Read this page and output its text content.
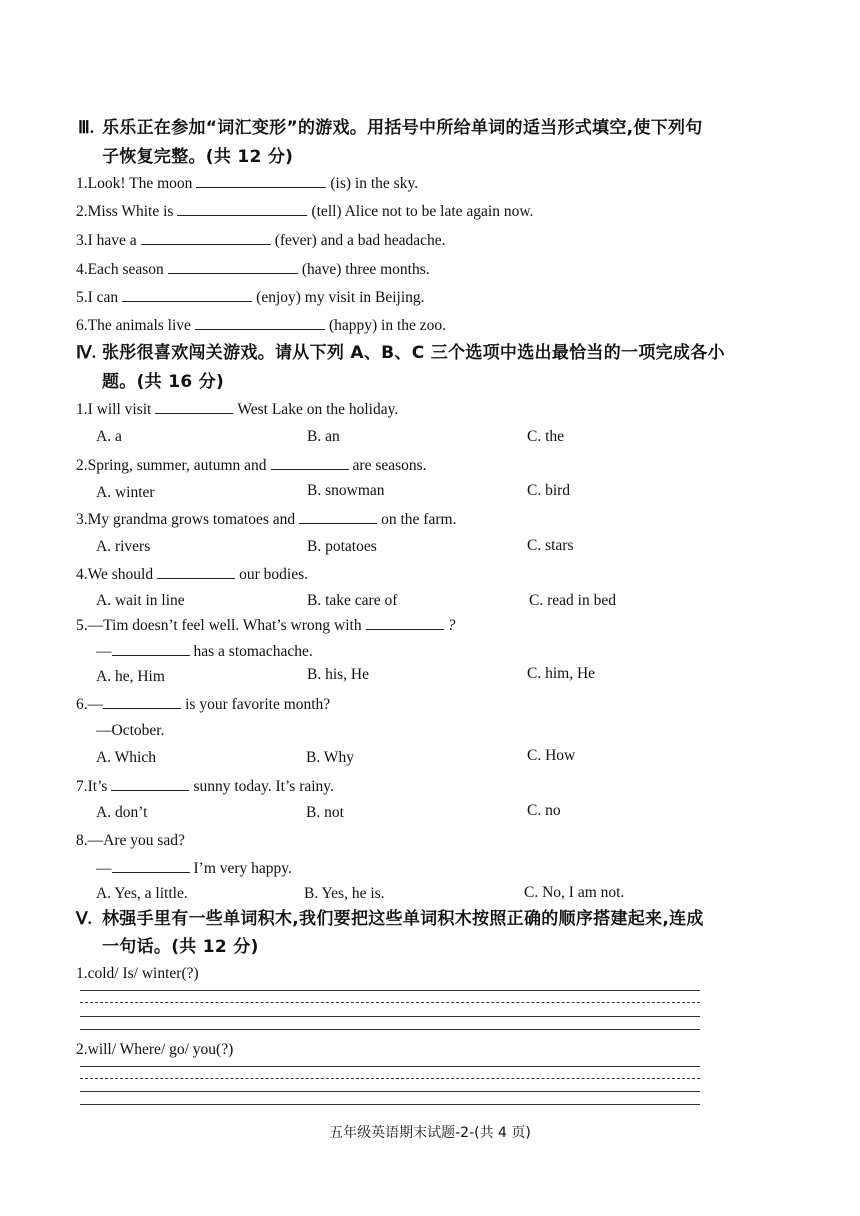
Ⅲ. 乐乐正在参加“词汇变形”的游戏。用括号中所给单词的适当形式填空,使下列句
子恢复完整。(共 12 分)
1.Look! The moon	(is) in the sky.
2.Miss White is	(tell) Alice not to be late again now.
3.I have a	(fever) and a bad headache.
4.Each season	(have) three months.
5.I can	(enjoy) my visit in Beijing.
6.The animals live	(happy) in the zoo.
Ⅳ. 张彤很喜欢闯关游戏。请从下列 A、B、C 三个选项中选出最恰当的一项完成各小
题。(共 16 分)
1.I will visit	West Lake on the holiday.
A. a	B. an	C. the
2.Spring, summer, autumn and	are seasons.
A. winter	B. snowman	C. bird
3.My grandma grows tomatoes and	on the farm.
A. rivers	B. potatoes	C. stars
4.We should	our bodies.
A. wait in line	B. take care of	C. read in bed
5.—Tim doesn’t feel well. What’s wrong with	?
—	has a stomachache.
A. he, Him	B. his, He	C. him, He
6.—	is your favorite month?
—October.
A. Which	B. Why	C. How
7.It’s	sunny today. It’s rainy.
A. don’t	B. not	C. no
8.—Are you sad?
—	I’m very happy.
A. Yes, a little.	B. Yes, he is.	C. No, I am not.
Ⅴ. 林强手里有一些单词积木,我们要把这些单词积木按照正确的顺序搭建起来,连成
一句话。(共 12 分)
1.cold/ Is/ winter(?)
2.will/ Where/ go/ you(?)
五年级英语期末试题-2-(共 4 页)
